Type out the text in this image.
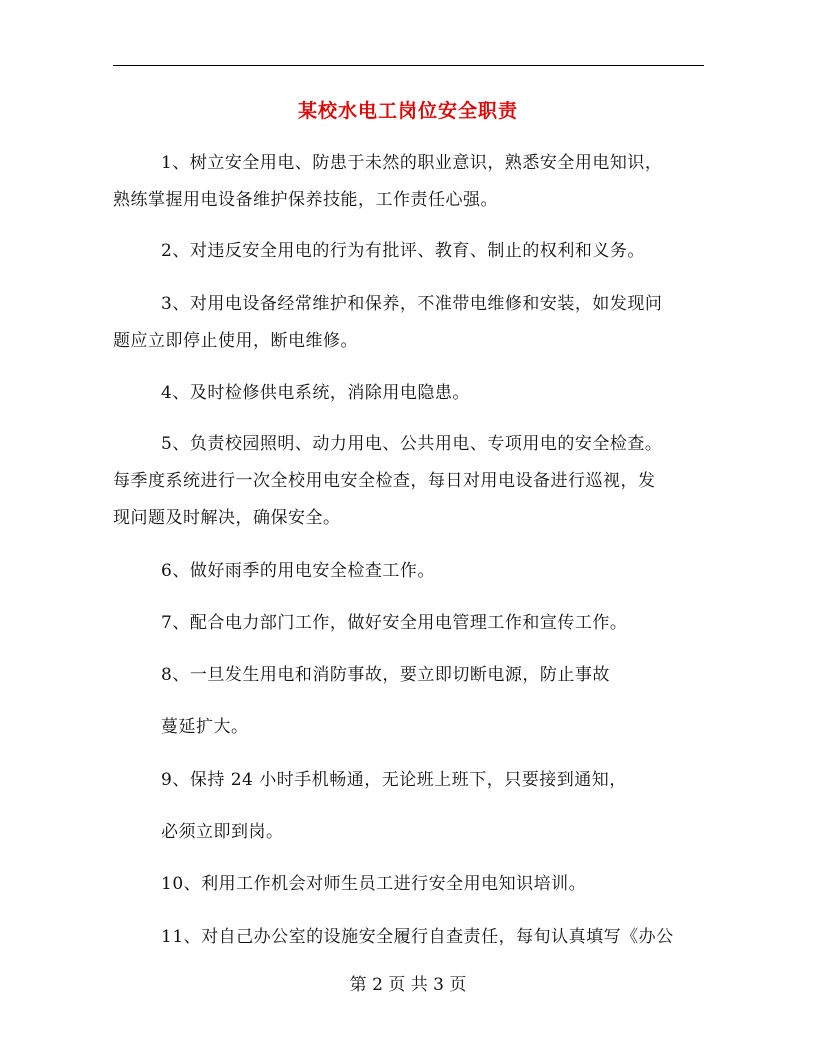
某校水电工岗位安全职责
1、树立安全用电、防患于未然的职业意识，熟悉安全用电知识，
熟练掌握用电设备维护保养技能，工作责任心强。
2、对违反安全用电的行为有批评、教育、制止的权利和义务。
3、对用电设备经常维护和保养，不准带电维修和安装，如发现问
题应立即停止使用，断电维修。
4、及时检修供电系统，消除用电隐患。
5、负责校园照明、动力用电、公共用电、专项用电的安全检查。
每季度系统进行一次全校用电安全检查，每日对用电设备进行巡视，发
现问题及时解决，确保安全。
6、做好雨季的用电安全检查工作。
7、配合电力部门工作，做好安全用电管理工作和宣传工作。
8、一旦发生用电和消防事故，要立即切断电源，防止事故
蔓延扩大。
9、保持 24 小时手机畅通，无论班上班下，只要接到通知，
必须立即到岗。
10、利用工作机会对师生员工进行安全用电知识培训。
11、对自己办公室的设施安全履行自查责任，每旬认真填写《办公
第 2 页 共 3 页
